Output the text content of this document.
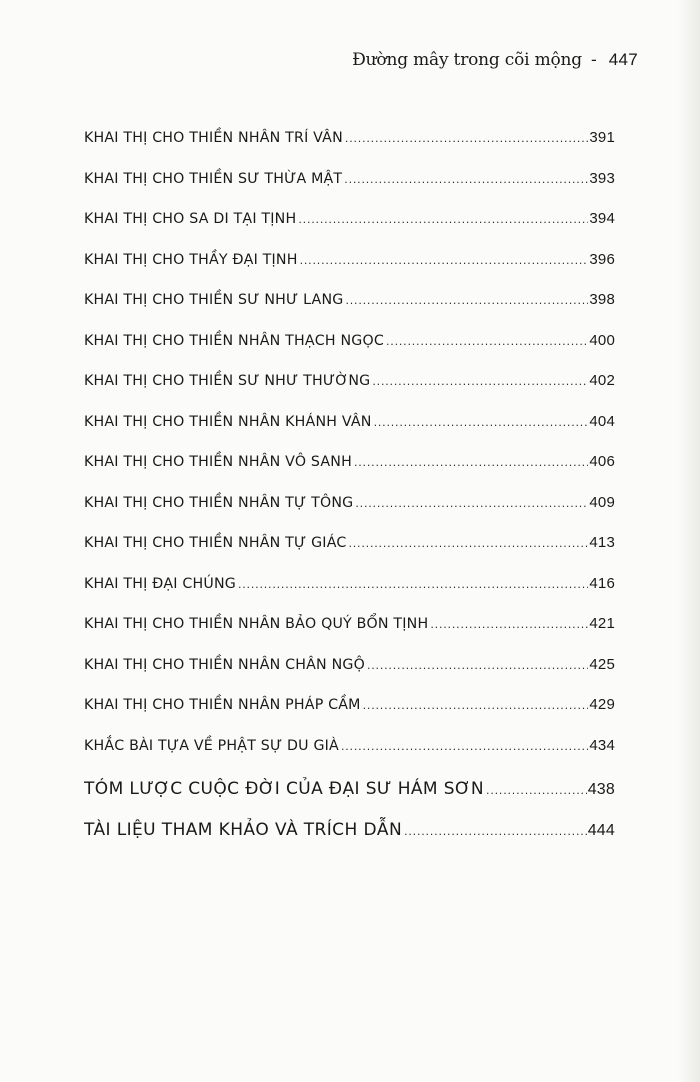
Đường mây trong cõi mộng - 447
KHAI THỊ CHO THIỀN NHÂN TRÍ VÂN .....	391
KHAI THỊ CHO THIỀN SƯ THỪA MẬT .....	393
KHAI THỊ CHO SA DI TẠI TỊNH .....	394
KHAI THỊ CHO THẦY ĐẠI TỊNH .....	396
KHAI THỊ CHO THIỀN SƯ NHƯ LANG .....	398
KHAI THỊ CHO THIỀN NHÂN THẠCH NGỌC .....	400
KHAI THỊ CHO THIỀN SƯ NHƯ THƯỜNG .....	402
KHAI THỊ CHO THIỀN NHÂN KHÁNH VÂN .....	404
KHAI THỊ CHO THIỀN NHÂN VÔ SANH .....	406
KHAI THỊ CHO THIỀN NHÂN TỰ TÔNG .....	409
KHAI THỊ CHO THIỀN NHÂN TỰ GIÁC .....	413
KHAI THỊ ĐẠI CHÚNG .....	416
KHAI THỊ CHO THIỀN NHÂN BẢO QUÝ BỔN TỊNH .....	421
KHAI THỊ CHO THIỀN NHÂN CHÂN NGỘ .....	425
KHAI THỊ CHO THIỀN NHÂN PHÁP CẦM .....	429
KHẮC BÀI TỰA VỀ PHẬT SỰ DU GIÀ .....	434
TÓM LƯỢC CUỘC ĐỜI CỦA ĐẠI SƯ HÁM SƠN .....	438
TÀI LIỆU THAM KHẢO VÀ TRÍCH DẪN .....	444
